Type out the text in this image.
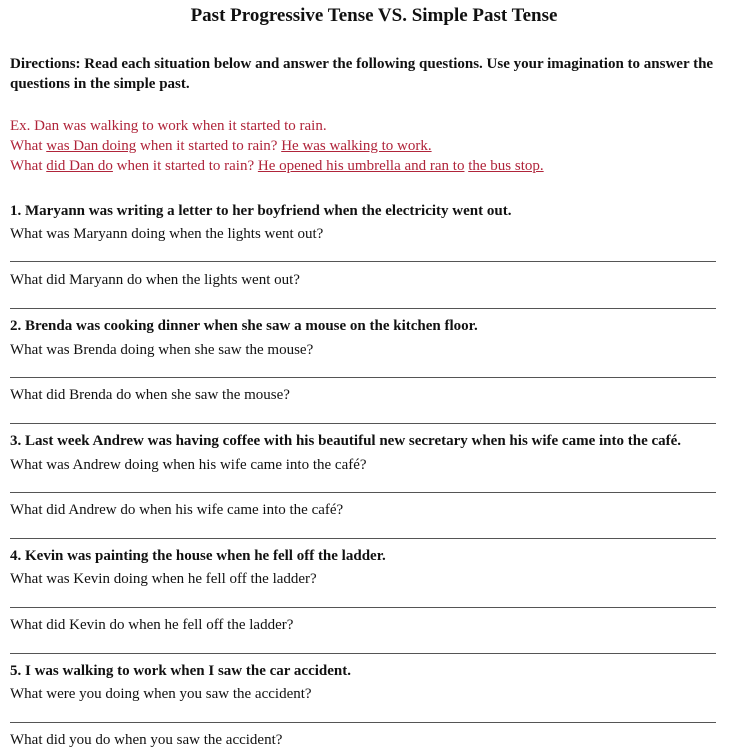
Past Progressive Tense VS. Simple Past Tense
Directions: Read each situation below and answer the following questions. Use your imagination to answer the questions in the simple past.
Ex. Dan was walking to work when it started to rain.
What was Dan doing when it started to rain? He was walking to work.
What did Dan do when it started to rain? He opened his umbrella and ran to the bus stop.
1. Maryann was writing a letter to her boyfriend when the electricity went out.
What was Maryann doing when the lights went out?
What did Maryann do when the lights went out?
2. Brenda was cooking dinner when she saw a mouse on the kitchen floor.
What was Brenda doing when she saw the mouse?
What did Brenda do when she saw the mouse?
3. Last week Andrew was having coffee with his beautiful new secretary when his wife came into the café.
What was Andrew doing when his wife came into the café?
What did Andrew do when his wife came into the café?
4. Kevin was painting the house when he fell off the ladder.
What was Kevin doing when he fell off the ladder?
What did Kevin do when he fell off the ladder?
5. I was walking to work when I saw the car accident.
What were you doing when you saw the accident?
What did you do when you saw the accident?
